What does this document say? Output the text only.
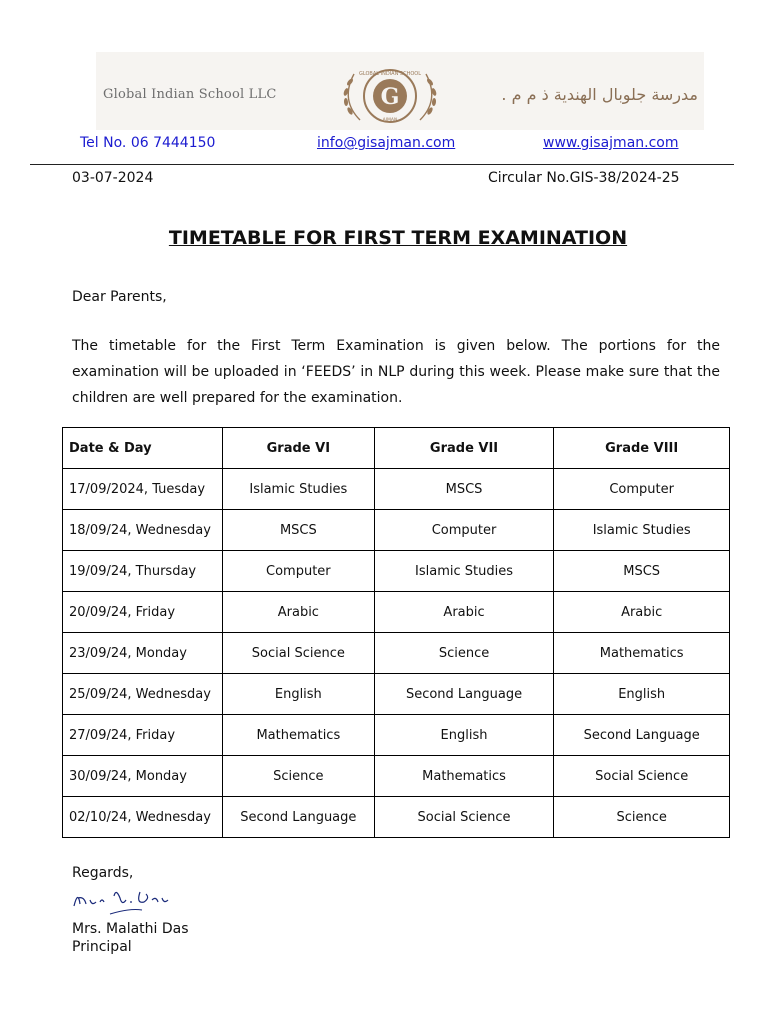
Global Indian School LLC	مدرسة جلوبال الهندية ذ م م .
G
GLOBAL INDIAN SCHOOL
AJMAN
Tel No. 06 7444150	info@gisajman.com	www.gisajman.com
03-07-2024	Circular No.GIS-38/2024-25
TIMETABLE FOR FIRST TERM EXAMINATION
Dear Parents,
The timetable for the First Term Examination is given below. The portions for the examination will be uploaded in ‘FEEDS’ in NLP during this week. Please make sure that the children are well prepared for the examination.
Date & Day	Grade VI	Grade VII	Grade VIII
17/09/2024, Tuesday	Islamic Studies	MSCS	Computer
18/09/24, Wednesday	MSCS	Computer	Islamic Studies
19/09/24, Thursday	Computer	Islamic Studies	MSCS
20/09/24, Friday	Arabic	Arabic	Arabic
23/09/24, Monday	Social Science	Science	Mathematics
25/09/24, Wednesday	English	Second Language	English
27/09/24, Friday	Mathematics	English	Second Language
30/09/24, Monday	Science	Mathematics	Social Science
02/10/24, Wednesday	Second Language	Social Science	Science
Regards,
Mrs. Malathi Das
Principal
